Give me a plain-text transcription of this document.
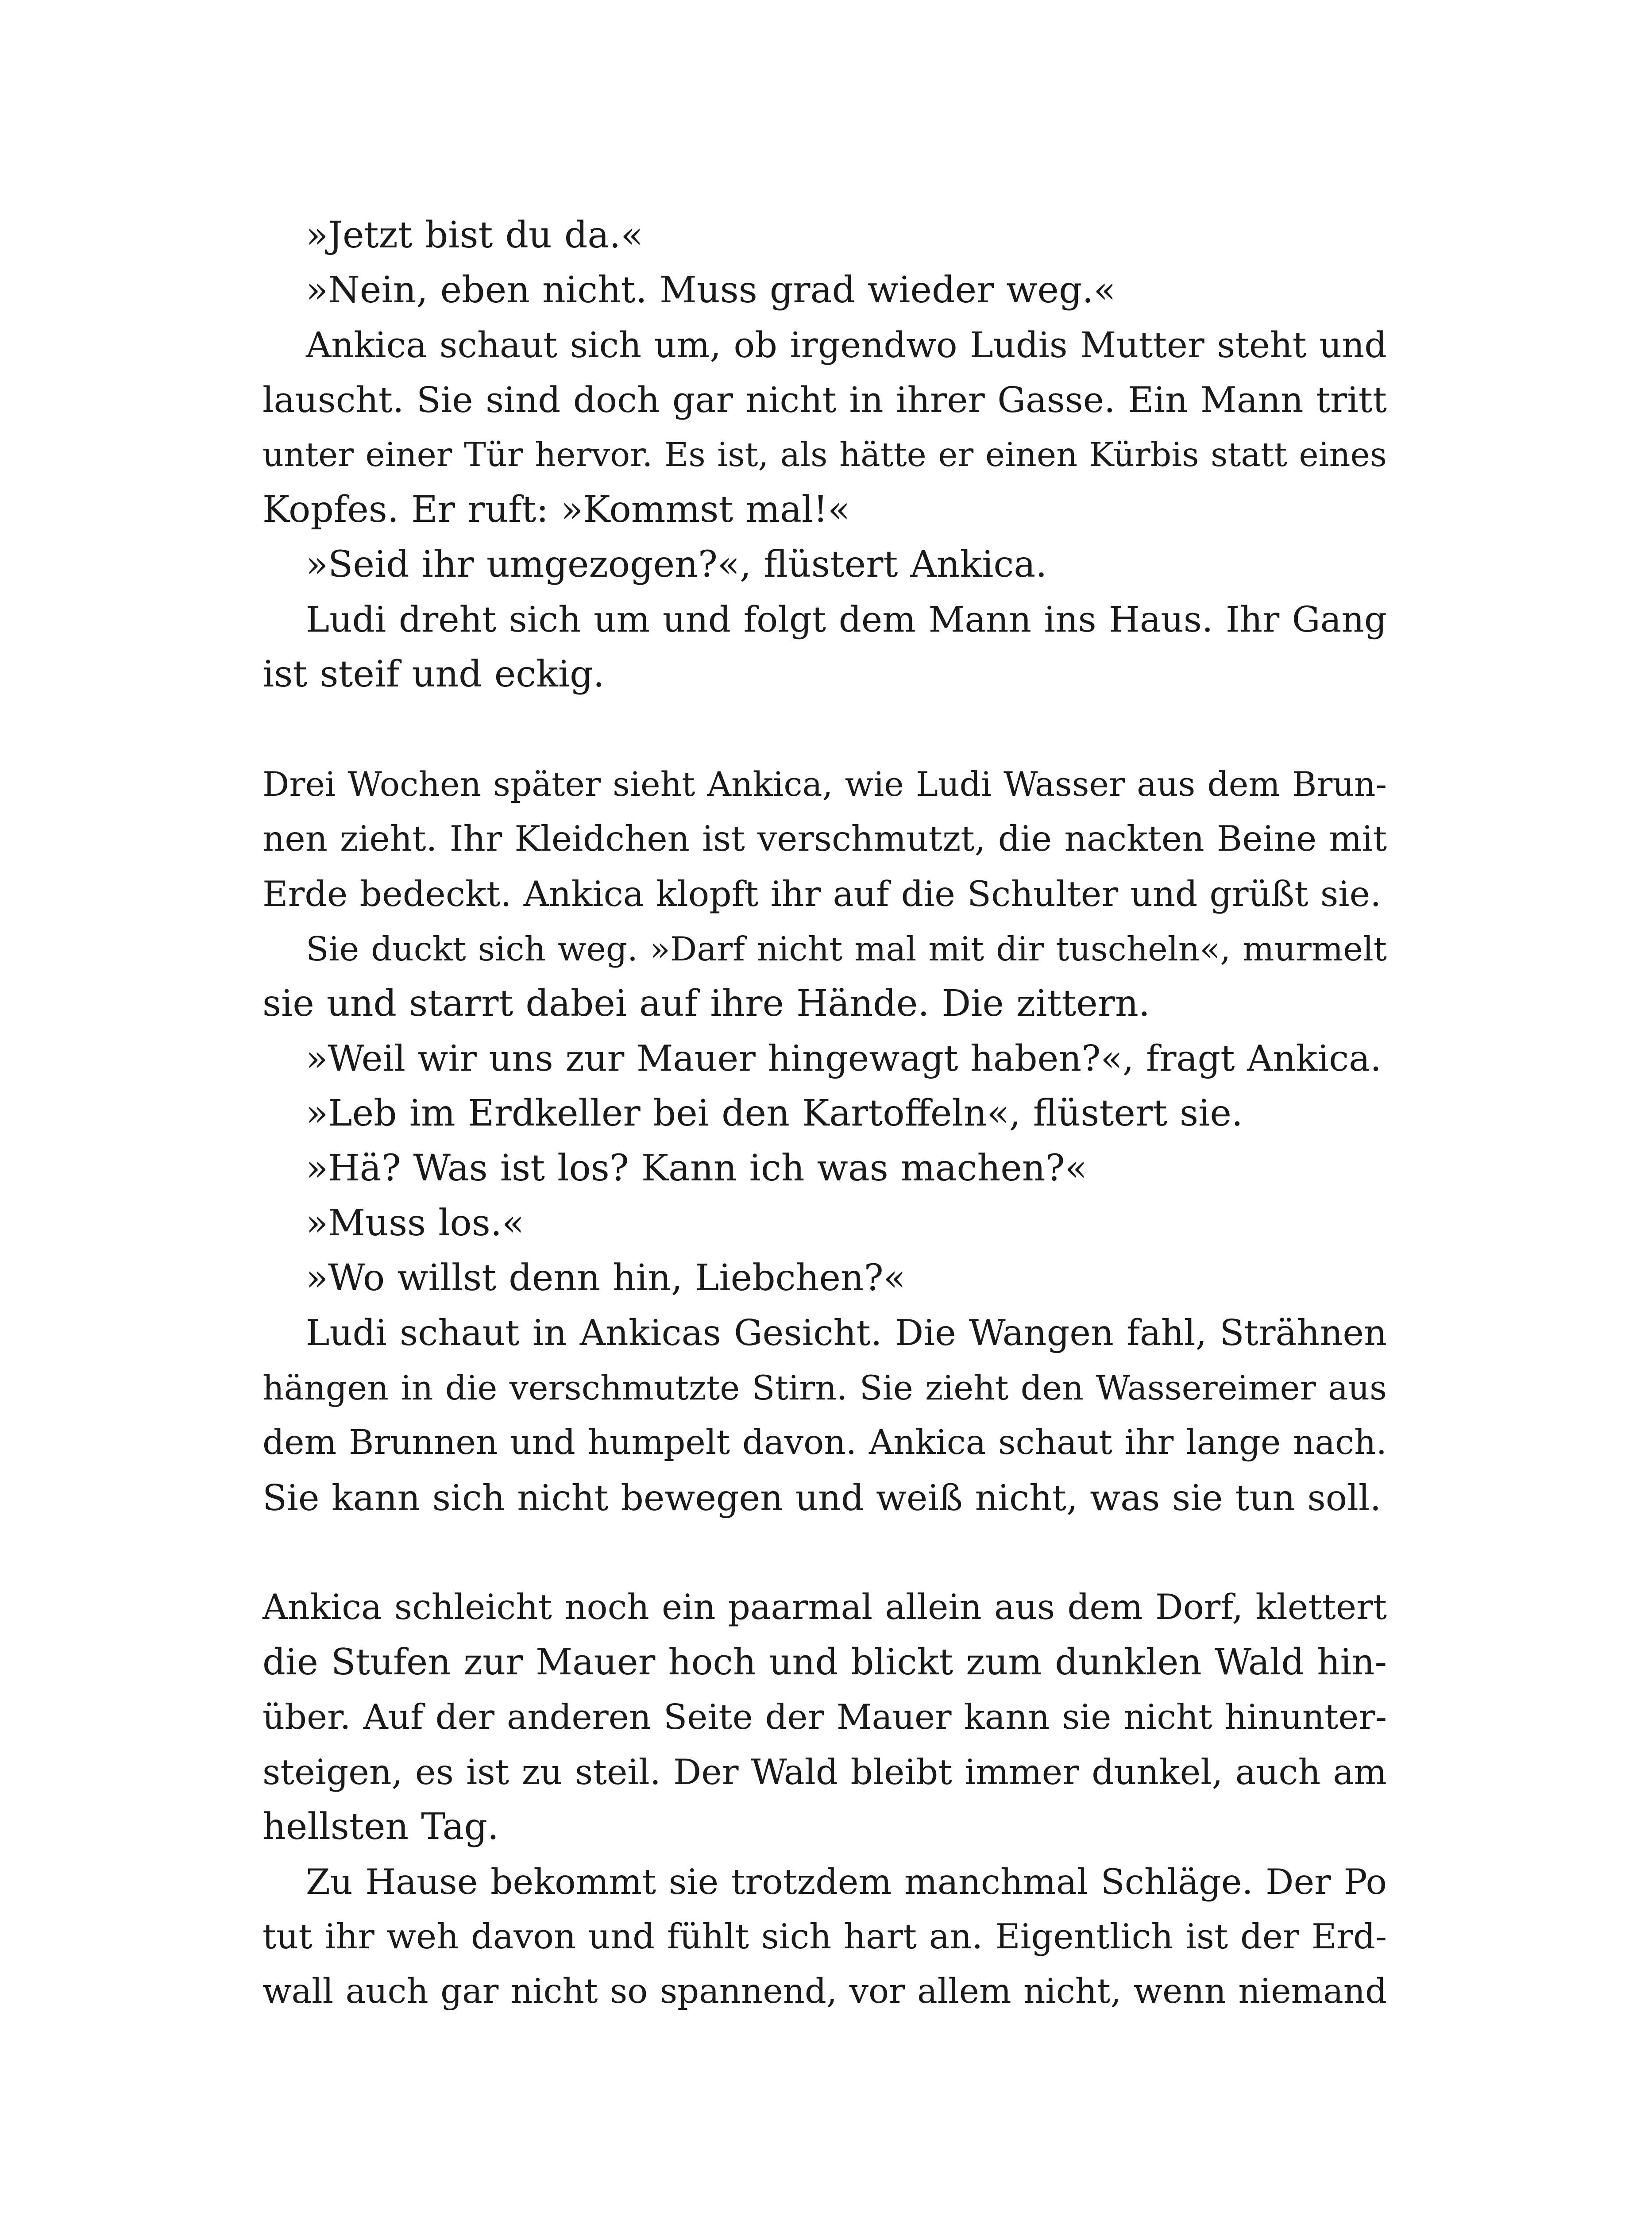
»Jetzt bist du da.«
»Nein, eben nicht. Muss grad wieder weg.«
Ankica schaut sich um, ob irgendwo Ludis Mutter steht und
lauscht. Sie sind doch gar nicht in ihrer Gasse. Ein Mann tritt
unter einer Tür hervor. Es ist, als hätte er einen Kürbis statt eines
Kopfes. Er ruft: »Kommst mal!«
»Seid ihr umgezogen?«, flüstert Ankica.
Ludi dreht sich um und folgt dem Mann ins Haus. Ihr Gang
ist steif und eckig.
Drei Wochen später sieht Ankica, wie Ludi Wasser aus dem Brun-
nen zieht. Ihr Kleidchen ist verschmutzt, die nackten Beine mit
Erde bedeckt. Ankica klopft ihr auf die Schulter und grüßt sie.
Sie duckt sich weg. »Darf nicht mal mit dir tuscheln«, murmelt
sie und starrt dabei auf ihre Hände. Die zittern.
»Weil wir uns zur Mauer hingewagt haben?«, fragt Ankica.
»Leb im Erdkeller bei den Kartoffeln«, flüstert sie.
»Hä? Was ist los? Kann ich was machen?«
»Muss los.«
»Wo willst denn hin, Liebchen?«
Ludi schaut in Ankicas Gesicht. Die Wangen fahl, Strähnen
hängen in die verschmutzte Stirn. Sie zieht den Wassereimer aus
dem Brunnen und humpelt davon. Ankica schaut ihr lange nach.
Sie kann sich nicht bewegen und weiß nicht, was sie tun soll.
Ankica schleicht noch ein paarmal allein aus dem Dorf, klettert
die Stufen zur Mauer hoch und blickt zum dunklen Wald hin-
über. Auf der anderen Seite der Mauer kann sie nicht hinunter-
steigen, es ist zu steil. Der Wald bleibt immer dunkel, auch am
hellsten Tag.
Zu Hause bekommt sie trotzdem manchmal Schläge. Der Po
tut ihr weh davon und fühlt sich hart an. Eigentlich ist der Erd-
wall auch gar nicht so spannend, vor allem nicht, wenn niemand
